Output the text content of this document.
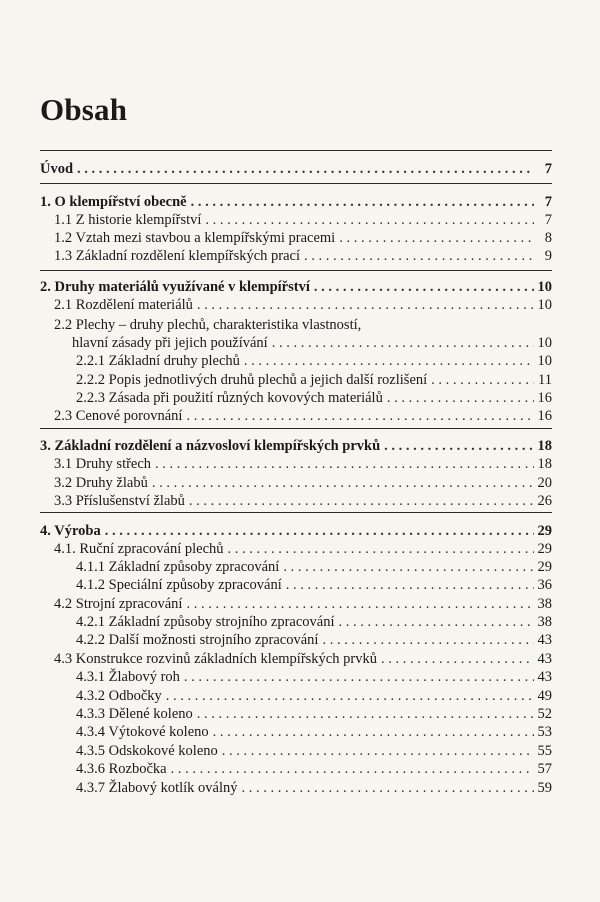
Obsah
Úvod . . .	7
1. O klempířství obecně . . .	7
1.1 Z historie klempířství . . .	7
1.2 Vztah mezi stavbou a klempířskými pracemi . . .	8
1.3 Základní rozdělení klempířských prací . . .	9
2. Druhy materiálů využívané v klempířství . . .	10
2.1 Rozdělení materiálů . . .	10
2.2 Plechy – druhy plechů, charakteristika vlastností,
hlavní zásady při jejich používání . . .	10
2.2.1 Základní druhy plechů . . .	10
2.2.2 Popis jednotlivých druhů plechů a jejich další rozlišení . . .	11
2.2.3 Zásada při použití různých kovových materiálů . . .	16
2.3 Cenové porovnání . . .	16
3. Základní rozdělení a názvosloví klempířských prvků . . .	18
3.1 Druhy střech . . .	18
3.2 Druhy žlabů . . .	20
3.3 Příslušenství žlabů . . .	26
4. Výroba . . .	29
4.1. Ruční zpracování plechů . . .	29
4.1.1 Základní způsoby zpracování . . .	29
4.1.2 Speciální způsoby zpracování . . .	36
4.2 Strojní zpracování . . .	38
4.2.1 Základní způsoby strojního zpracování . . .	38
4.2.2 Další možnosti strojního zpracování . . .	43
4.3 Konstrukce rozvinů základních klempířských prvků . . .	43
4.3.1 Žlabový roh . . .	43
4.3.2 Odbočky . . .	49
4.3.3 Dělené koleno . . .	52
4.3.4 Výtokové koleno . . .	53
4.3.5 Odskokové koleno . . .	55
4.3.6 Rozbočka . . .	57
4.3.7 Žlabový kotlík oválný . . .	59
